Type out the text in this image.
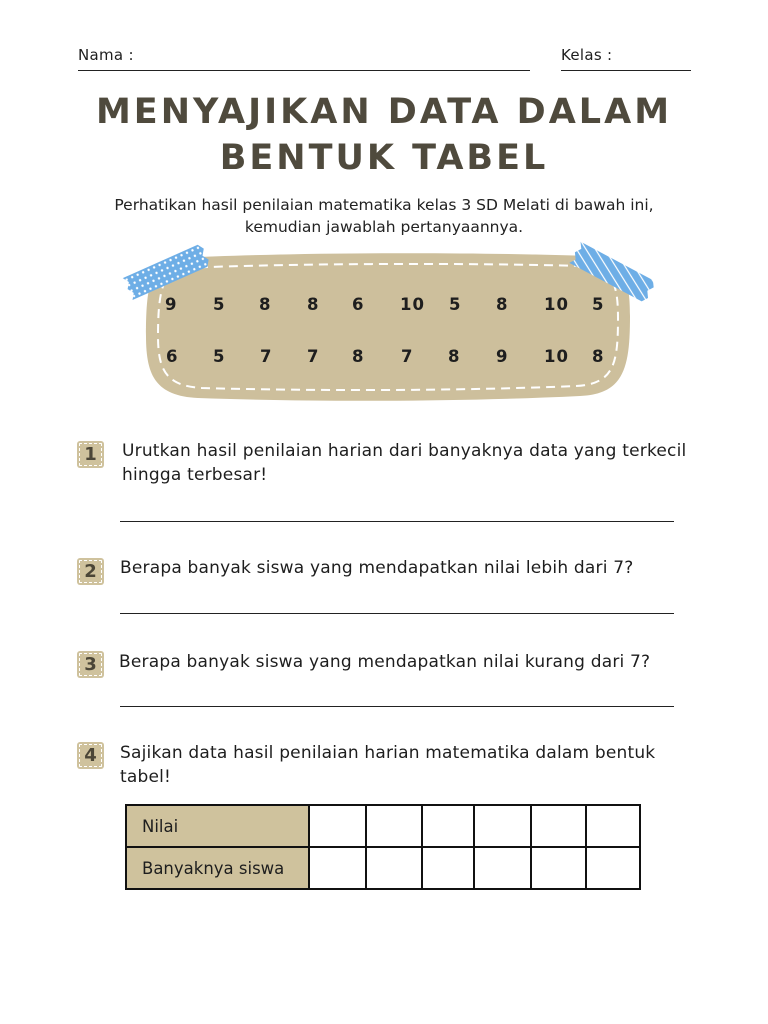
Nama :	Kelas :
MENYAJIKAN DATA DALAM
BENTUK TABEL
Perhatikan hasil penilaian matematika kelas 3 SD Melati di bawah ini,
kemudian jawablah pertanyaannya.
9 5 8 8 6 10 5 8 10 5
6 5 7 7 8 7 8 9 10 8
1	Urutkan hasil penilaian harian dari banyaknya data yang terkecil
hingga terbesar!
2	Berapa banyak siswa yang mendapatkan nilai lebih dari 7?
3	Berapa banyak siswa yang mendapatkan nilai kurang dari 7?
4	Sajikan data hasil penilaian harian matematika dalam bentuk
tabel!
Nilai						
Banyaknya siswa						
